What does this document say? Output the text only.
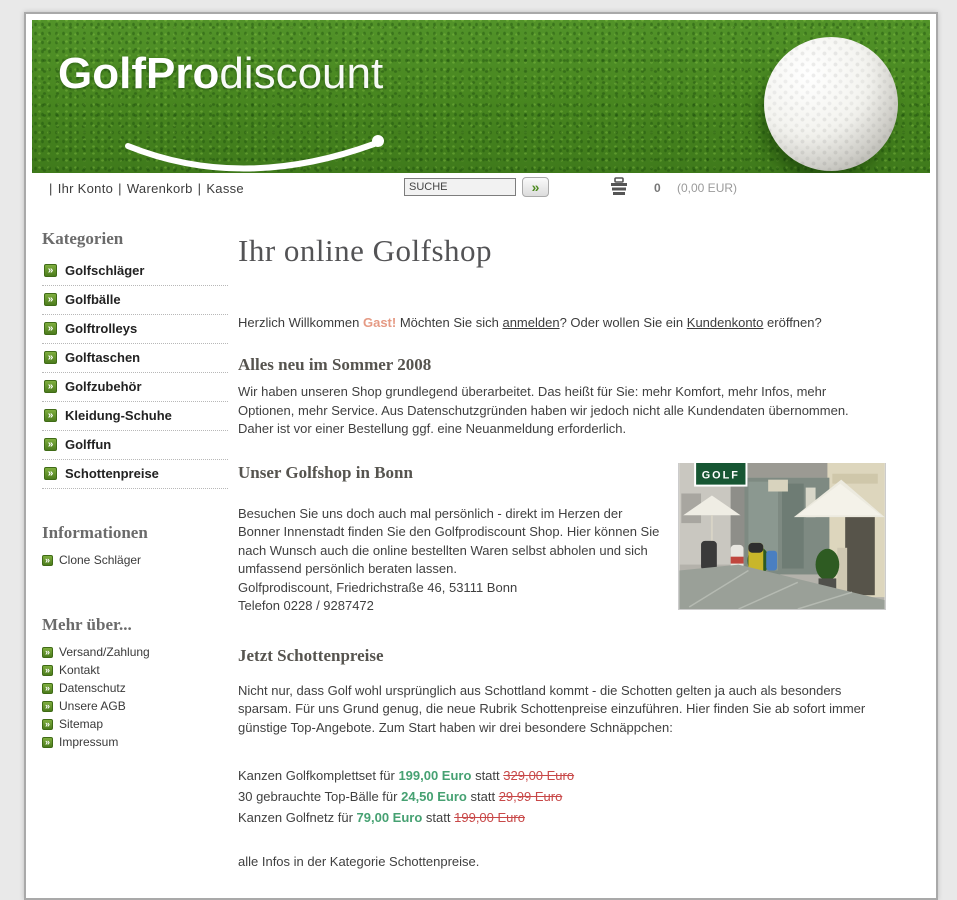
GolfProdiscount
| Ihr Konto | Warenkorb | Kasse
SUCHE	»	0 (0,00 EUR)
Kategorien
» Golfschläger
» Golfbälle
» Golftrolleys
» Golftaschen
» Golfzubehör
» Kleidung-Schuhe
» Golffun
» Schottenpreise
Informationen
» Clone Schläger
Mehr über...
» Versand/Zahlung
» Kontakt
» Datenschutz
» Unsere AGB
» Sitemap
» Impressum
Ihr online Golfshop

Herzlich Willkommen Gast! Möchten Sie sich anmelden? Oder wollen Sie ein Kundenkonto eröffnen?

Alles neu im Sommer 2008

Wir haben unseren Shop grundlegend überarbeitet. Das heißt für Sie: mehr Komfort, mehr Infos, mehr Optionen, mehr Service. Aus Datenschutzgründen haben wir jedoch nicht alle Kundendaten übernommen. Daher ist vor einer Bestellung ggf. eine Neuanmeldung erforderlich.

GOLF
Unser Golfshop in Bonn

Besuchen Sie uns doch auch mal persönlich - direkt im Herzen der Bonner Innenstadt finden Sie den Golfprodiscount Shop. Hier können Sie nach Wunsch auch die online bestellten Waren selbst abholen und sich umfassend persönlich beraten lassen.

Golfprodiscount, Friedrichstraße 46, 53111 Bonn
Telefon 0228 / 9287472
Jetzt Schottenpreise

Nicht nur, dass Golf wohl ursprünglich aus Schottland kommt - die Schotten gelten ja auch als besonders sparsam. Für uns Grund genug, die neue Rubrik Schottenpreise einzuführen. Hier finden Sie ab sofort immer günstige Top-Angebote. Zum Start haben wir drei besondere Schnäppchen:

Kanzen Golfkomplettset für 199,00 Euro statt 329,00 Euro
30 gebrauchte Top-Bälle für 24,50 Euro statt 29,99 Euro
Kanzen Golfnetz für 79,00 Euro statt 199,00 Euro

alle Infos in der Kategorie Schottenpreise.
